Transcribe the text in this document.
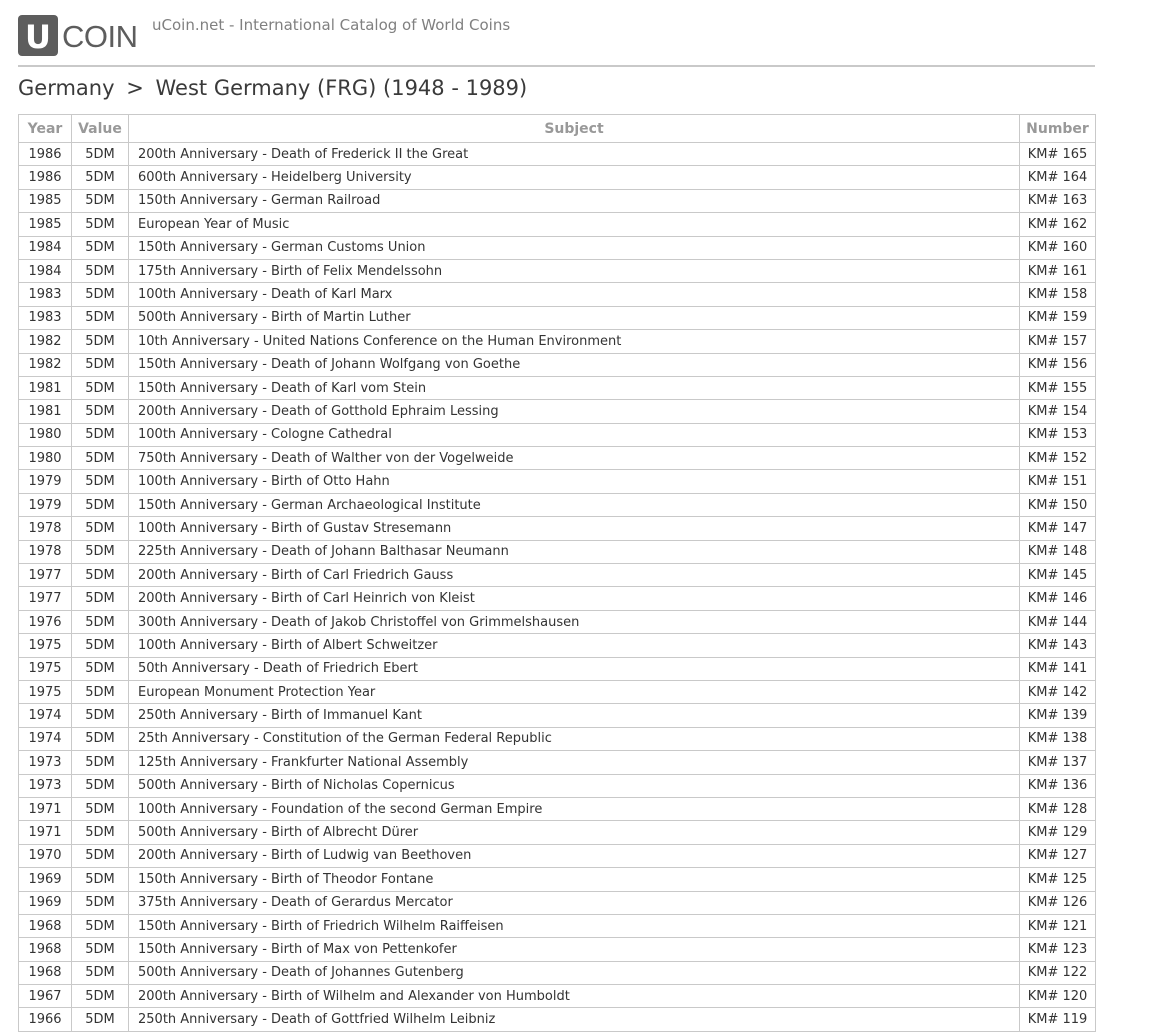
U COIN uCoin.net - International Catalog of World Coins
Germany > West Germany (FRG) (1948 - 1989)
Year	Value	Subject	Number
1986	5DM	200th Anniversary - Death of Frederick II the Great	KM# 165
1986	5DM	600th Anniversary - Heidelberg University	KM# 164
1985	5DM	150th Anniversary - German Railroad	KM# 163
1985	5DM	European Year of Music	KM# 162
1984	5DM	150th Anniversary - German Customs Union	KM# 160
1984	5DM	175th Anniversary - Birth of Felix Mendelssohn	KM# 161
1983	5DM	100th Anniversary - Death of Karl Marx	KM# 158
1983	5DM	500th Anniversary - Birth of Martin Luther	KM# 159
1982	5DM	10th Anniversary - United Nations Conference on the Human Environment	KM# 157
1982	5DM	150th Anniversary - Death of Johann Wolfgang von Goethe	KM# 156
1981	5DM	150th Anniversary - Death of Karl vom Stein	KM# 155
1981	5DM	200th Anniversary - Death of Gotthold Ephraim Lessing	KM# 154
1980	5DM	100th Anniversary - Cologne Cathedral	KM# 153
1980	5DM	750th Anniversary - Death of Walther von der Vogelweide	KM# 152
1979	5DM	100th Anniversary - Birth of Otto Hahn	KM# 151
1979	5DM	150th Anniversary - German Archaeological Institute	KM# 150
1978	5DM	100th Anniversary - Birth of Gustav Stresemann	KM# 147
1978	5DM	225th Anniversary - Death of Johann Balthasar Neumann	KM# 148
1977	5DM	200th Anniversary - Birth of Carl Friedrich Gauss	KM# 145
1977	5DM	200th Anniversary - Birth of Carl Heinrich von Kleist	KM# 146
1976	5DM	300th Anniversary - Death of Jakob Christoffel von Grimmelshausen	KM# 144
1975	5DM	100th Anniversary - Birth of Albert Schweitzer	KM# 143
1975	5DM	50th Anniversary - Death of Friedrich Ebert	KM# 141
1975	5DM	European Monument Protection Year	KM# 142
1974	5DM	250th Anniversary - Birth of Immanuel Kant	KM# 139
1974	5DM	25th Anniversary - Constitution of the German Federal Republic	KM# 138
1973	5DM	125th Anniversary - Frankfurter National Assembly	KM# 137
1973	5DM	500th Anniversary - Birth of Nicholas Copernicus	KM# 136
1971	5DM	100th Anniversary - Foundation of the second German Empire	KM# 128
1971	5DM	500th Anniversary - Birth of Albrecht Dürer	KM# 129
1970	5DM	200th Anniversary - Birth of Ludwig van Beethoven	KM# 127
1969	5DM	150th Anniversary - Birth of Theodor Fontane	KM# 125
1969	5DM	375th Anniversary - Death of Gerardus Mercator	KM# 126
1968	5DM	150th Anniversary - Birth of Friedrich Wilhelm Raiffeisen	KM# 121
1968	5DM	150th Anniversary - Birth of Max von Pettenkofer	KM# 123
1968	5DM	500th Anniversary - Death of Johannes Gutenberg	KM# 122
1967	5DM	200th Anniversary - Birth of Wilhelm and Alexander von Humboldt	KM# 120
1966	5DM	250th Anniversary - Death of Gottfried Wilhelm Leibniz	KM# 119
